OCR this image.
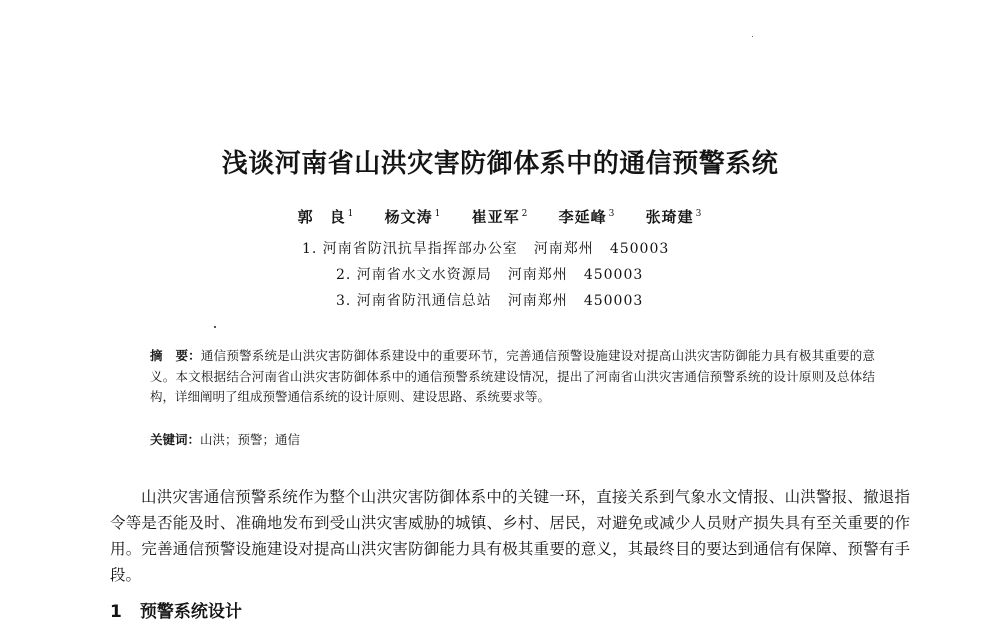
浅谈河南省山洪灾害防御体系中的通信预警系统
郭　良 $^1$ 杨文涛 $^1$ 崔亚军 $^2$ 李延峰 $^3$ 张琦建 $^3$
1. 河南省防汛抗旱指挥部办公室 河南郑州 450003
2. 河南省水文水资源局 河南郑州 450003
3. 河南省防汛通信总站 河南郑州 450003
摘　要：通信预警系统是山洪灾害防御体系建设中的重要环节，完善通信预警设施建设对提高山洪灾害防御能力具有极其重要的意义。本文根据结合河南省山洪灾害防御体系中的通信预警系统建设情况，提出了河南省山洪灾害通信预警系统的设计原则及总体结构，详细阐明了组成预警通信系统的设计原则、建设思路、系统要求等。
关键词：山洪；预警；通信
山洪灾害通信预警系统作为整个山洪灾害防御体系中的关键一环，直接关系到气象水文情报、山洪警报、撤退指令等是否能及时、准确地发布到受山洪灾害威胁的城镇、乡村、居民，对避免或减少人员财产损失具有至关重要的作用。完善通信预警设施建设对提高山洪灾害防御能力具有极其重要的意义，其最终目的要达到通信有保障、预警有手段。
1 预警系统设计
